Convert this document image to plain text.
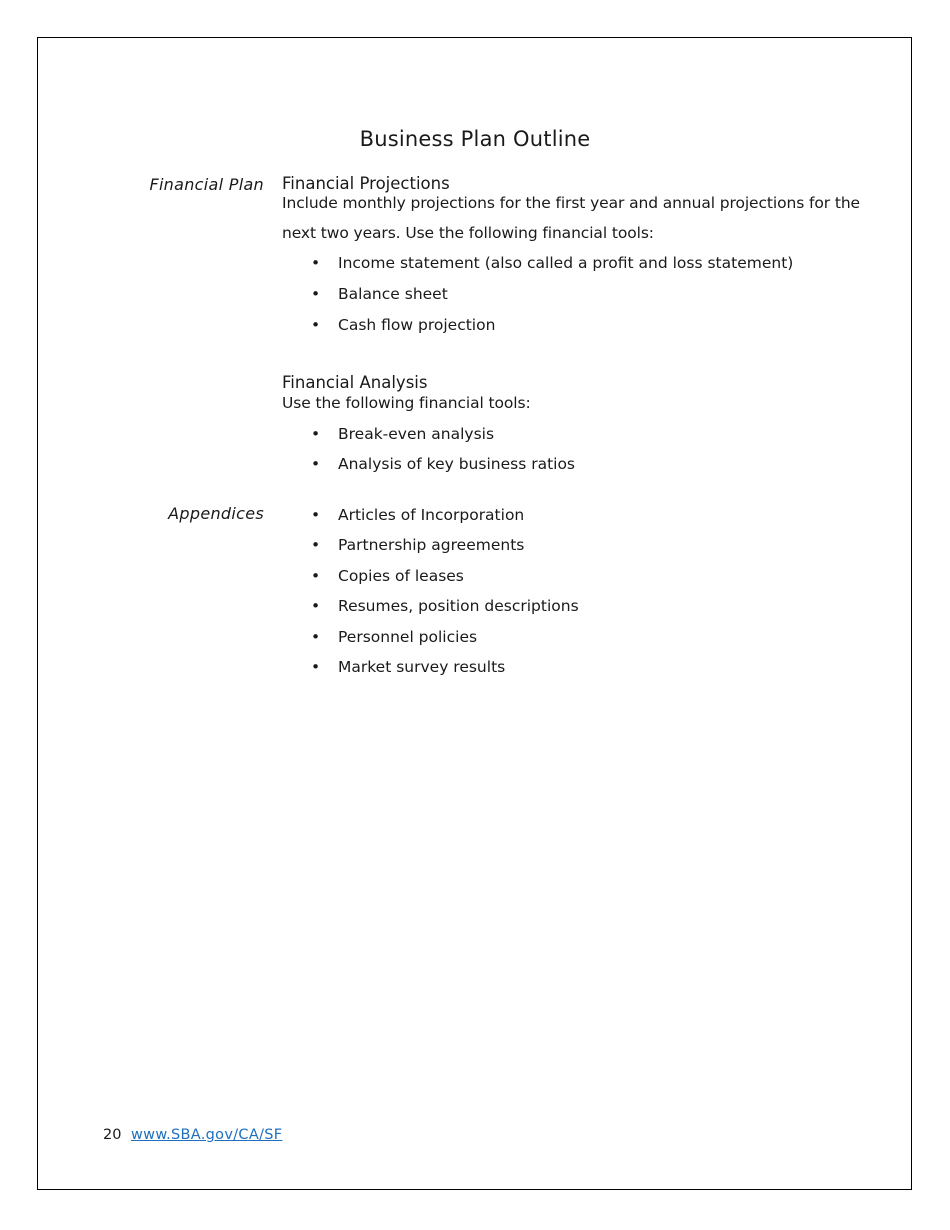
Business Plan Outline
Financial Plan Financial Projections
Include monthly projections for the first year and annual projections for the
next two years. Use the following financial tools:
• Income statement (also called a profit and loss statement)
• Balance sheet
• Cash flow projection
Financial Analysis
Use the following financial tools:
• Break-even analysis
• Analysis of key business ratios
Appendices	• Articles of Incorporation
• Partnership agreements
• Copies of leases
• Resumes, position descriptions
• Personnel policies
• Market survey results
20 www.SBA.gov/CA/SF
